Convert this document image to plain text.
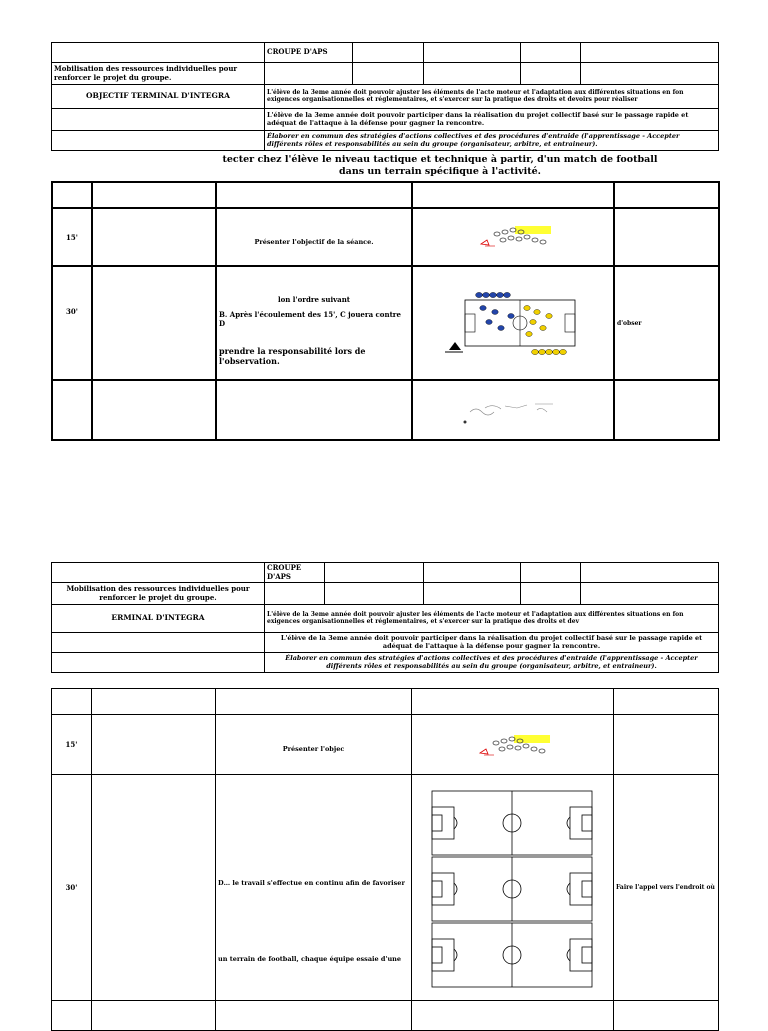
	CROUPE D'APS				
Mobilisation des ressources individuelles pour renforcer le projet du groupe.					
OBJECTIF TERMINAL D'INTEGRA	L'élève de la 3eme année doit pouvoir ajuster les éléments de l'acte moteur et l'adaptation aux différentes situations en fon exigences organisationnelles et réglementaires, et s'exercer sur la pratique des droits et devoirs pour réaliser				
	L'élève de la 3eme année doit pouvoir participer dans la réalisation du projet collectif basé sur le passage rapide et adéquat de l'attaque à la défense pour gagner la rencontre.				
	Élaborer en commun des stratégies d'actions collectives et des procédures d'entraide (l'apprentissage - Accepter différents rôles et responsabilités au sein du groupe (organisateur, arbitre, et entraineur).				
tecter chez l'élève le niveau tactique et technique à partir, d'un match de football
dans un terrain spécifique à l'activité.

15'		Présenter l'objectif de la séance.	

30'		lon l'ordre suivant
B. Après l'écoulement des 15', C jouera contre D
prendre la responsabilité lors de l'observation.		d'obser

	CROUPE D'APS				
Mobilisation des ressources individuelles pour renforcer le projet du groupe.					
ERMINAL D'INTEGRA	L'élève de la 3eme année doit pouvoir ajuster les éléments de l'acte moteur et l'adaptation aux différentes situations en fon exigences organisationnelles et réglementaires, et s'exercer sur la pratique des droits et dev				
	L'élève de la 3eme année doit pouvoir participer dans la réalisation du projet collectif basé sur le passage rapide et adéquat de l'attaque à la défense pour gagner la rencontre.				
	Élaborer en commun des stratégies d'actions collectives et des procédures d'entraide (l'apprentissage - Accepter différents rôles et responsabilités au sein du groupe (organisateur, arbitre, et entraineur).				

15'		Présenter l'objec	

30'		D… le travail s'effectue en continu afin de favoriser
un terrain de football, chaque équipe essaie d'une		Faire l'appel vers l'endroit où
